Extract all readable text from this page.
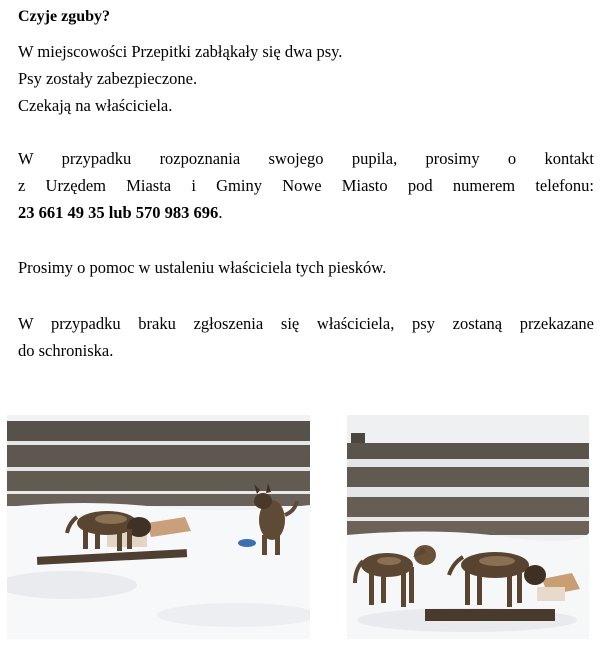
Czyje zguby?

W miejscowości Przepitki zabłąkały się dwa psy.

Psy zostały zabezpieczone.

Czekają na właściciela.

W przypadku rozpoznania swojego pupila, prosimy o kontakt

z Urzędem Miasta i Gminy Nowe Miasto pod numerem telefonu:

23 661 49 35 lub 570 983 696.

Prosimy o pomoc w ustaleniu właściciela tych piesków.

W przypadku braku zgłoszenia się właściciela, psy zostaną przekazane

do schroniska.
